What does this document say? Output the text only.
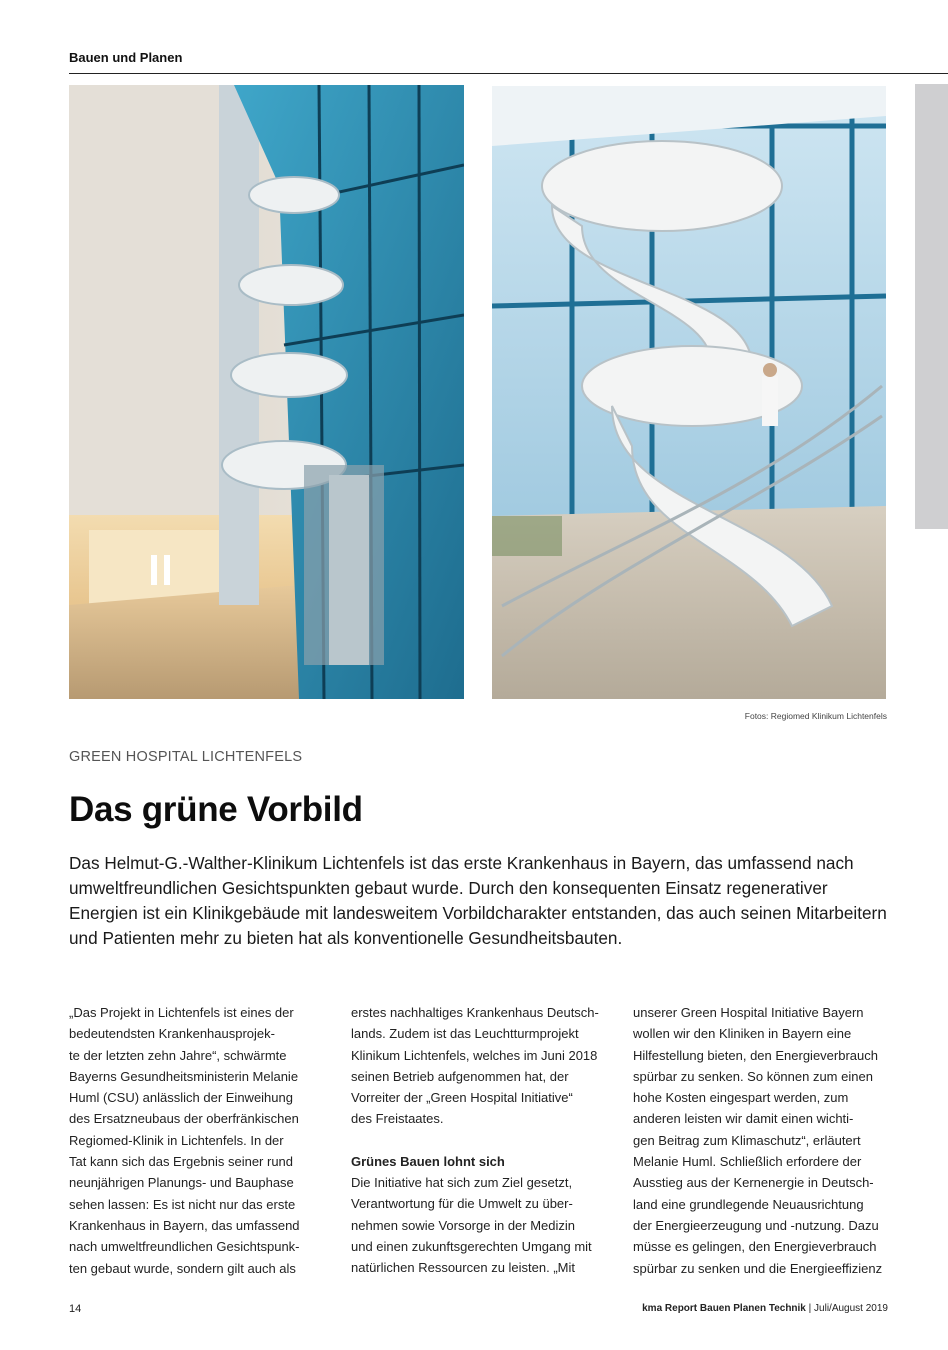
Bauen und Planen
Fotos: Regiomed Klinikum Lichtenfels
GREEN HOSPITAL LICHTENFELS
Das grüne Vorbild

Das Helmut-G.-Walther-Klinikum Lichtenfels ist das erste Krankenhaus in Bayern, das umfassend nach umweltfreundlichen Gesichtspunkten gebaut wurde. Durch den konsequenten Einsatz regenerativer Energien ist ein Klinikgebäude mit landesweitem Vorbildcharakter entstanden, das auch seinen Mitarbeitern und Patienten mehr zu bieten hat als konventionelle Gesundheitsbauten.

„Das Projekt in Lichtenfels ist eines der
bedeutendsten Krankenhausprojek-
te der letzten zehn Jahre“, schwärmte
Bayerns Gesundheitsministerin Melanie
Huml (CSU) anlässlich der Einweihung
des Ersatzneubaus der oberfränkischen
Regiomed-Klinik in Lichtenfels. In der
Tat kann sich das Ergebnis seiner rund
neunjährigen Planungs- und Bauphase
sehen lassen: Es ist nicht nur das erste
Krankenhaus in Bayern, das umfassend
nach umweltfreundlichen Gesichtspunk-
ten gebaut wurde, sondern gilt auch als

erstes nachhaltiges Krankenhaus Deutsch-
lands. Zudem ist das Leuchtturmprojekt
Klinikum Lichtenfels, welches im Juni 2018
seinen Betrieb aufgenommen hat, der
Vorreiter der „Green Hospital Initiative“
des Freistaates.

Grünes Bauen lohnt sich

Die Initiative hat sich zum Ziel gesetzt,
Verantwortung für die Umwelt zu über-
nehmen sowie Vorsorge in der Medizin
und einen zukunftsgerechten Umgang mit
natürlichen Ressourcen zu leisten. „Mit

unserer Green Hospital Initiative Bayern
wollen wir den Kliniken in Bayern eine
Hilfestellung bieten, den Energieverbrauch
spürbar zu senken. So können zum einen
hohe Kosten eingespart werden, zum
anderen leisten wir damit einen wichti-
gen Beitrag zum Klimaschutz“, erläutert
Melanie Huml. Schließlich erfordere der
Ausstieg aus der Kernenergie in Deutsch-
land eine grundlegende Neuausrichtung
der Energieerzeugung und -nutzung. Dazu
müsse es gelingen, den Energieverbrauch
spürbar zu senken und die Energieeffizienz

14	kma Report Bauen Planen Technik | Juli/August 2019
